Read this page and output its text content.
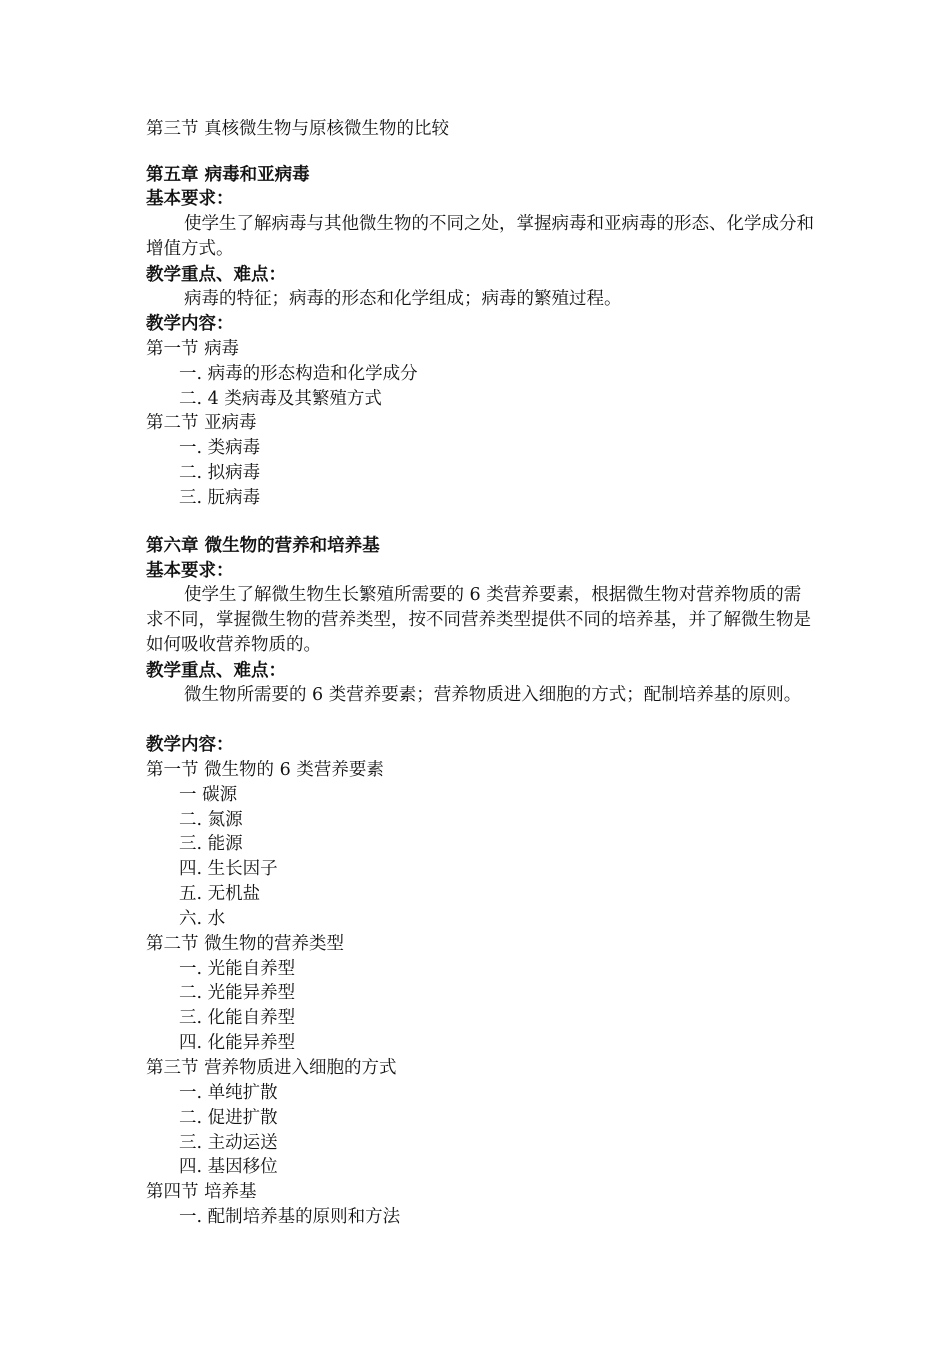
第三节 真核微生物与原核微生物的比较
第五章 病毒和亚病毒
基本要求：
使学生了解病毒与其他微生物的不同之处，掌握病毒和亚病毒的形态、化学成分和增值方式。
教学重点、难点：
病毒的特征；病毒的形态和化学组成；病毒的繁殖过程。
教学内容：
第一节 病毒
一. 病毒的形态构造和化学成分
二. 4 类病毒及其繁殖方式
第二节 亚病毒
一. 类病毒
二. 拟病毒
三. 朊病毒
第六章 微生物的营养和培养基
基本要求：
使学生了解微生物生长繁殖所需要的 6 类营养要素，根据微生物对营养物质的需求不同，掌握微生物的营养类型，按不同营养类型提供不同的培养基，并了解微生物是如何吸收营养物质的。
教学重点、难点：
微生物所需要的 6 类营养要素；营养物质进入细胞的方式；配制培养基的原则。
教学内容：
第一节 微生物的 6 类营养要素
一 碳源
二. 氮源
三. 能源
四. 生长因子
五. 无机盐
六. 水
第二节 微生物的营养类型
一. 光能自养型
二. 光能异养型
三. 化能自养型
四. 化能异养型
第三节 营养物质进入细胞的方式
一. 单纯扩散
二. 促进扩散
三. 主动运送
四. 基因移位
第四节 培养基
一. 配制培养基的原则和方法
